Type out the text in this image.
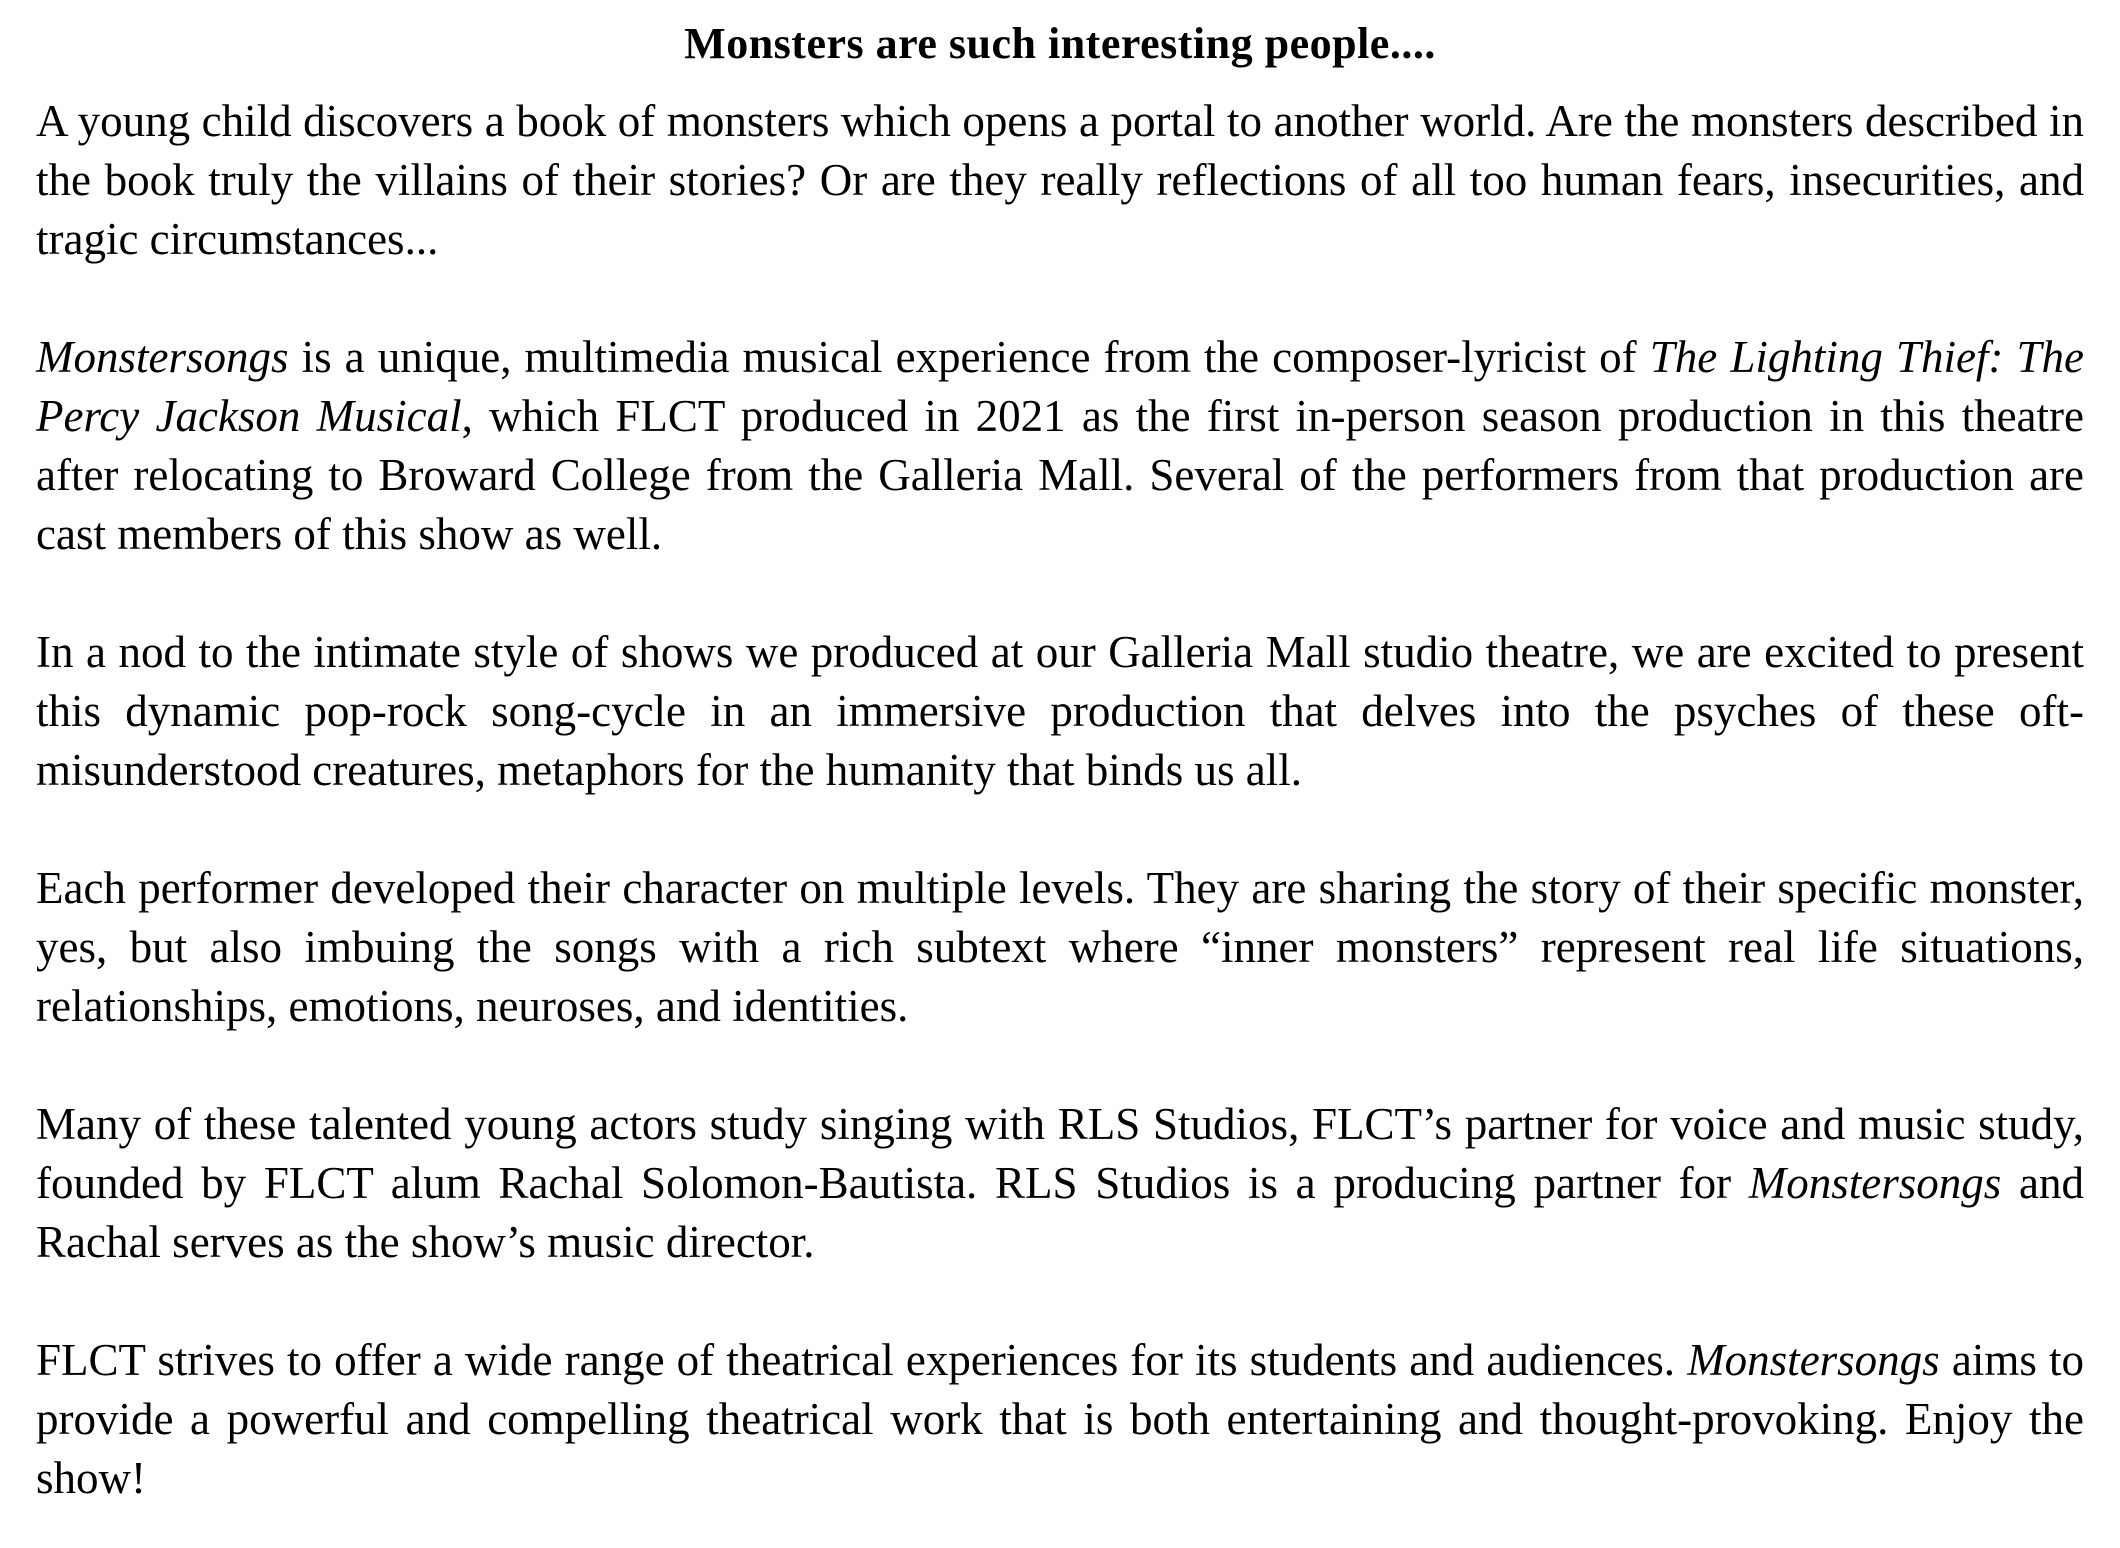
Monsters are such interesting people....

A young child discovers a book of monsters which opens a portal to another world. Are the monsters described in the book truly the villains of their stories? Or are they really reflections of all too human fears, insecurities, and tragic circumstances...

Monstersongs is a unique, multimedia musical experience from the composer-lyricist of The Lighting Thief: The Percy Jackson Musical, which FLCT produced in 2021 as the first in-person season production in this theatre after relocating to Broward College from the Galleria Mall. Several of the performers from that production are cast members of this show as well.

In a nod to the intimate style of shows we produced at our Galleria Mall studio theatre, we are excited to present this dynamic pop-rock song-cycle in an immersive production that delves into the psyches of these oft-misunderstood creatures, metaphors for the humanity that binds us all.

Each performer developed their character on multiple levels. They are sharing the story of their specific monster, yes, but also imbuing the songs with a rich subtext where “inner monsters” represent real life situations, relationships, emotions, neuroses, and identities.

Many of these talented young actors study singing with RLS Studios, FLCT’s partner for voice and music study, founded by FLCT alum Rachal Solomon-Bautista. RLS Studios is a producing partner for Monstersongs and Rachal serves as the show’s music director.

FLCT strives to offer a wide range of theatrical experiences for its students and audiences. Monstersongs aims to provide a powerful and compelling theatrical work that is both entertaining and thought-provoking. Enjoy the show!
